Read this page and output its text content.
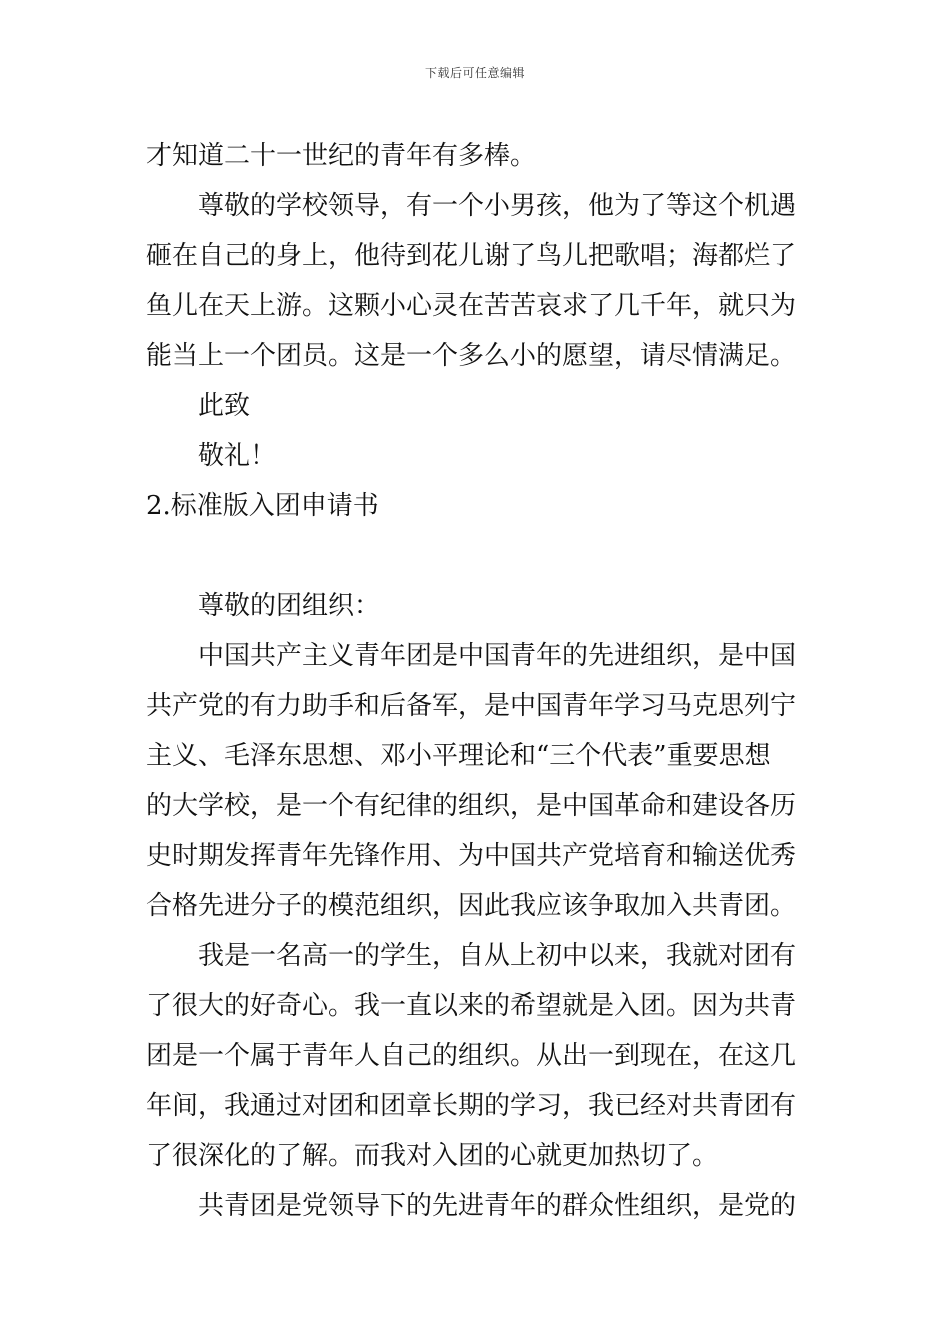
下载后可任意编辑
才知道二十一世纪的青年有多棒。
尊敬的学校领导，有一个小男孩，他为了等这个机遇
砸在自己的身上，他待到花儿谢了鸟儿把歌唱；海都烂了
鱼儿在天上游。这颗小心灵在苦苦哀求了几千年，就只为
能当上一个团员。这是一个多么小的愿望，请尽情满足。
此致
敬礼！
2.标准版入团申请书
尊敬的团组织：
中国共产主义青年团是中国青年的先进组织，是中国
共产党的有力助手和后备军，是中国青年学习马克思列宁
主义、毛泽东思想、邓小平理论和“三个代表”重要思想
的大学校，是一个有纪律的组织，是中国革命和建设各历
史时期发挥青年先锋作用、为中国共产党培育和输送优秀
合格先进分子的模范组织，因此我应该争取加入共青团。
我是一名高一的学生，自从上初中以来，我就对团有
了很大的好奇心。我一直以来的希望就是入团。因为共青
团是一个属于青年人自己的组织。从出一到现在，在这几
年间，我通过对团和团章长期的学习，我已经对共青团有
了很深化的了解。而我对入团的心就更加热切了。
共青团是党领导下的先进青年的群众性组织，是党的
